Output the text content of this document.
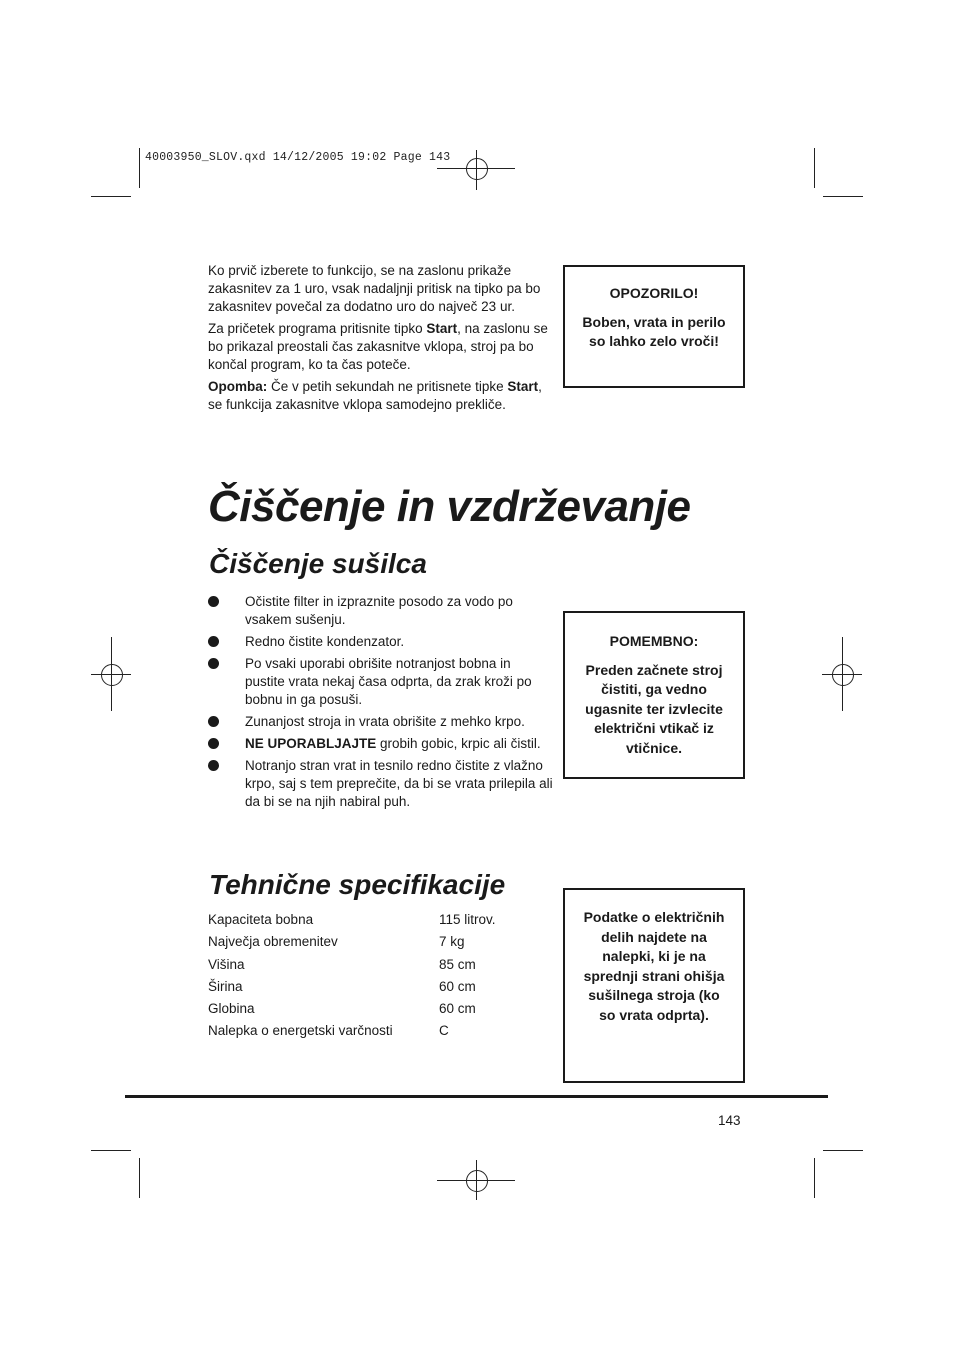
40003950_SLOV.qxd 14/12/2005 19:02 Page 143

Ko prvič izberete to funkcijo, se na zaslonu prikaže zakasnitev za 1 uro, vsak nadaljnji pritisk na tipko pa bo zakasnitev povečal za dodatno uro do največ 23 ur.

Za pričetek programa pritisnite tipko Start, na zaslonu se bo prikazal preostali čas zakasnitve vklopa, stroj pa bo končal program, ko ta čas poteče.

Opomba: Če v petih sekundah ne pritisnete tipke Start, se funkcija zakasnitve vklopa samodejno prekliče.

OPOZORILO!
Boben, vrata in perilo so lahko zelo vroči!
Čiščenje in vzdrževanje
Čiščenje sušilca
Očistite filter in izpraznite posodo za vodo po vsakem sušenju.
Redno čistite kondenzator.
Po vsaki uporabi obrišite notranjost bobna in pustite vrata nekaj časa odprta, da zrak kroži po bobnu in ga posuši.
Zunanjost stroja in vrata obrišite z mehko krpo.
NE UPORABLJAJTE grobih gobic, krpic ali čistil.
Notranjo stran vrat in tesnilo redno čistite z vlažno krpo, saj s tem preprečite, da bi se vrata prilepila ali da bi se na njih nabiral puh.
POMEMBNO:
Preden začnete stroj čistiti, ga vedno ugasnite ter izvlecite električni vtikač iz vtičnice.
Tehnične specifikacije
Kapaciteta bobna	115 litrov.
Največja obremenitev	7 kg
Višina	85 cm
Širina	60 cm
Globina	60 cm
Nalepka o energetski varčnosti	C
Podatke o električnih delih najdete na nalepki, ki je na sprednji strani ohišja sušilnega stroja (ko so vrata odprta).
143
